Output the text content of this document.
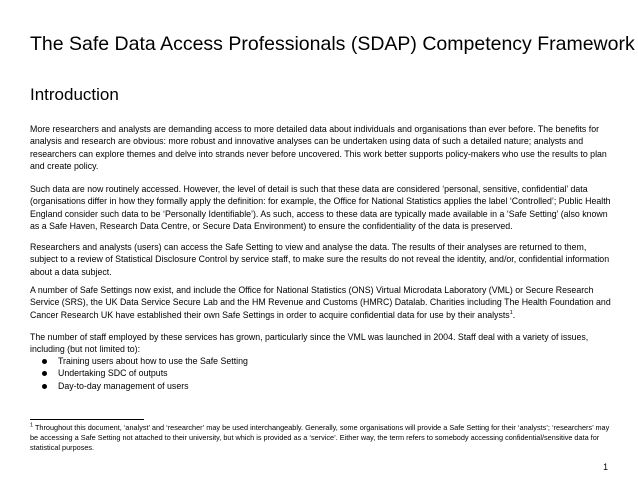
The Safe Data Access Professionals (SDAP) Competency Framework
Introduction
More researchers and analysts are demanding access to more detailed data about individuals and organisations than ever before. The benefits for analysis and research are obvious: more robust and innovative analyses can be undertaken using data of such a detailed nature; analysts and researchers can explore themes and delve into strands never before uncovered. This work better supports policy-makers who use the results to plan and create policy.
Such data are now routinely accessed. However, the level of detail is such that these data are considered ‘personal, sensitive, confidential’ data (organisations differ in how they formally apply the definition: for example, the Office for National Statistics applies the label ‘Controlled’; Public Health England consider such data to be ‘Personally Identifiable’). As such, access to these data are typically made available in a ‘Safe Setting’ (also known as a Safe Haven, Research Data Centre, or Secure Data Environment) to ensure the confidentiality of the data is preserved.
Researchers and analysts (users) can access the Safe Setting to view and analyse the data. The results of their analyses are returned to them, subject to a review of Statistical Disclosure Control by service staff, to make sure the results do not reveal the identity, and/or, confidential information about a data subject.
A number of Safe Settings now exist, and include the Office for National Statistics (ONS) Virtual Microdata Laboratory (VML) or Secure Research Service (SRS), the UK Data Service Secure Lab and the HM Revenue and Customs (HMRC) Datalab. Charities including The Health Foundation and Cancer Research UK have established their own Safe Settings in order to acquire confidential data for use by their analysts$^1$.
The number of staff employed by these services has grown, particularly since the VML was launched in 2004. Staff deal with a variety of issues, including (but not limited to):
Training users about how to use the Safe Setting
Undertaking SDC of outputs
Day-to-day management of users
$^1$ Throughout this document, ‘analyst’ and ‘researcher’ may be used interchangeably. Generally, some organisations will provide a Safe Setting for their ‘analysts’; ‘researchers’ may be accessing a Safe Setting not attached to their university, but which is provided as a ‘service’. Either way, the term refers to somebody accessing confidential/sensitive data for statistical purposes.
1
